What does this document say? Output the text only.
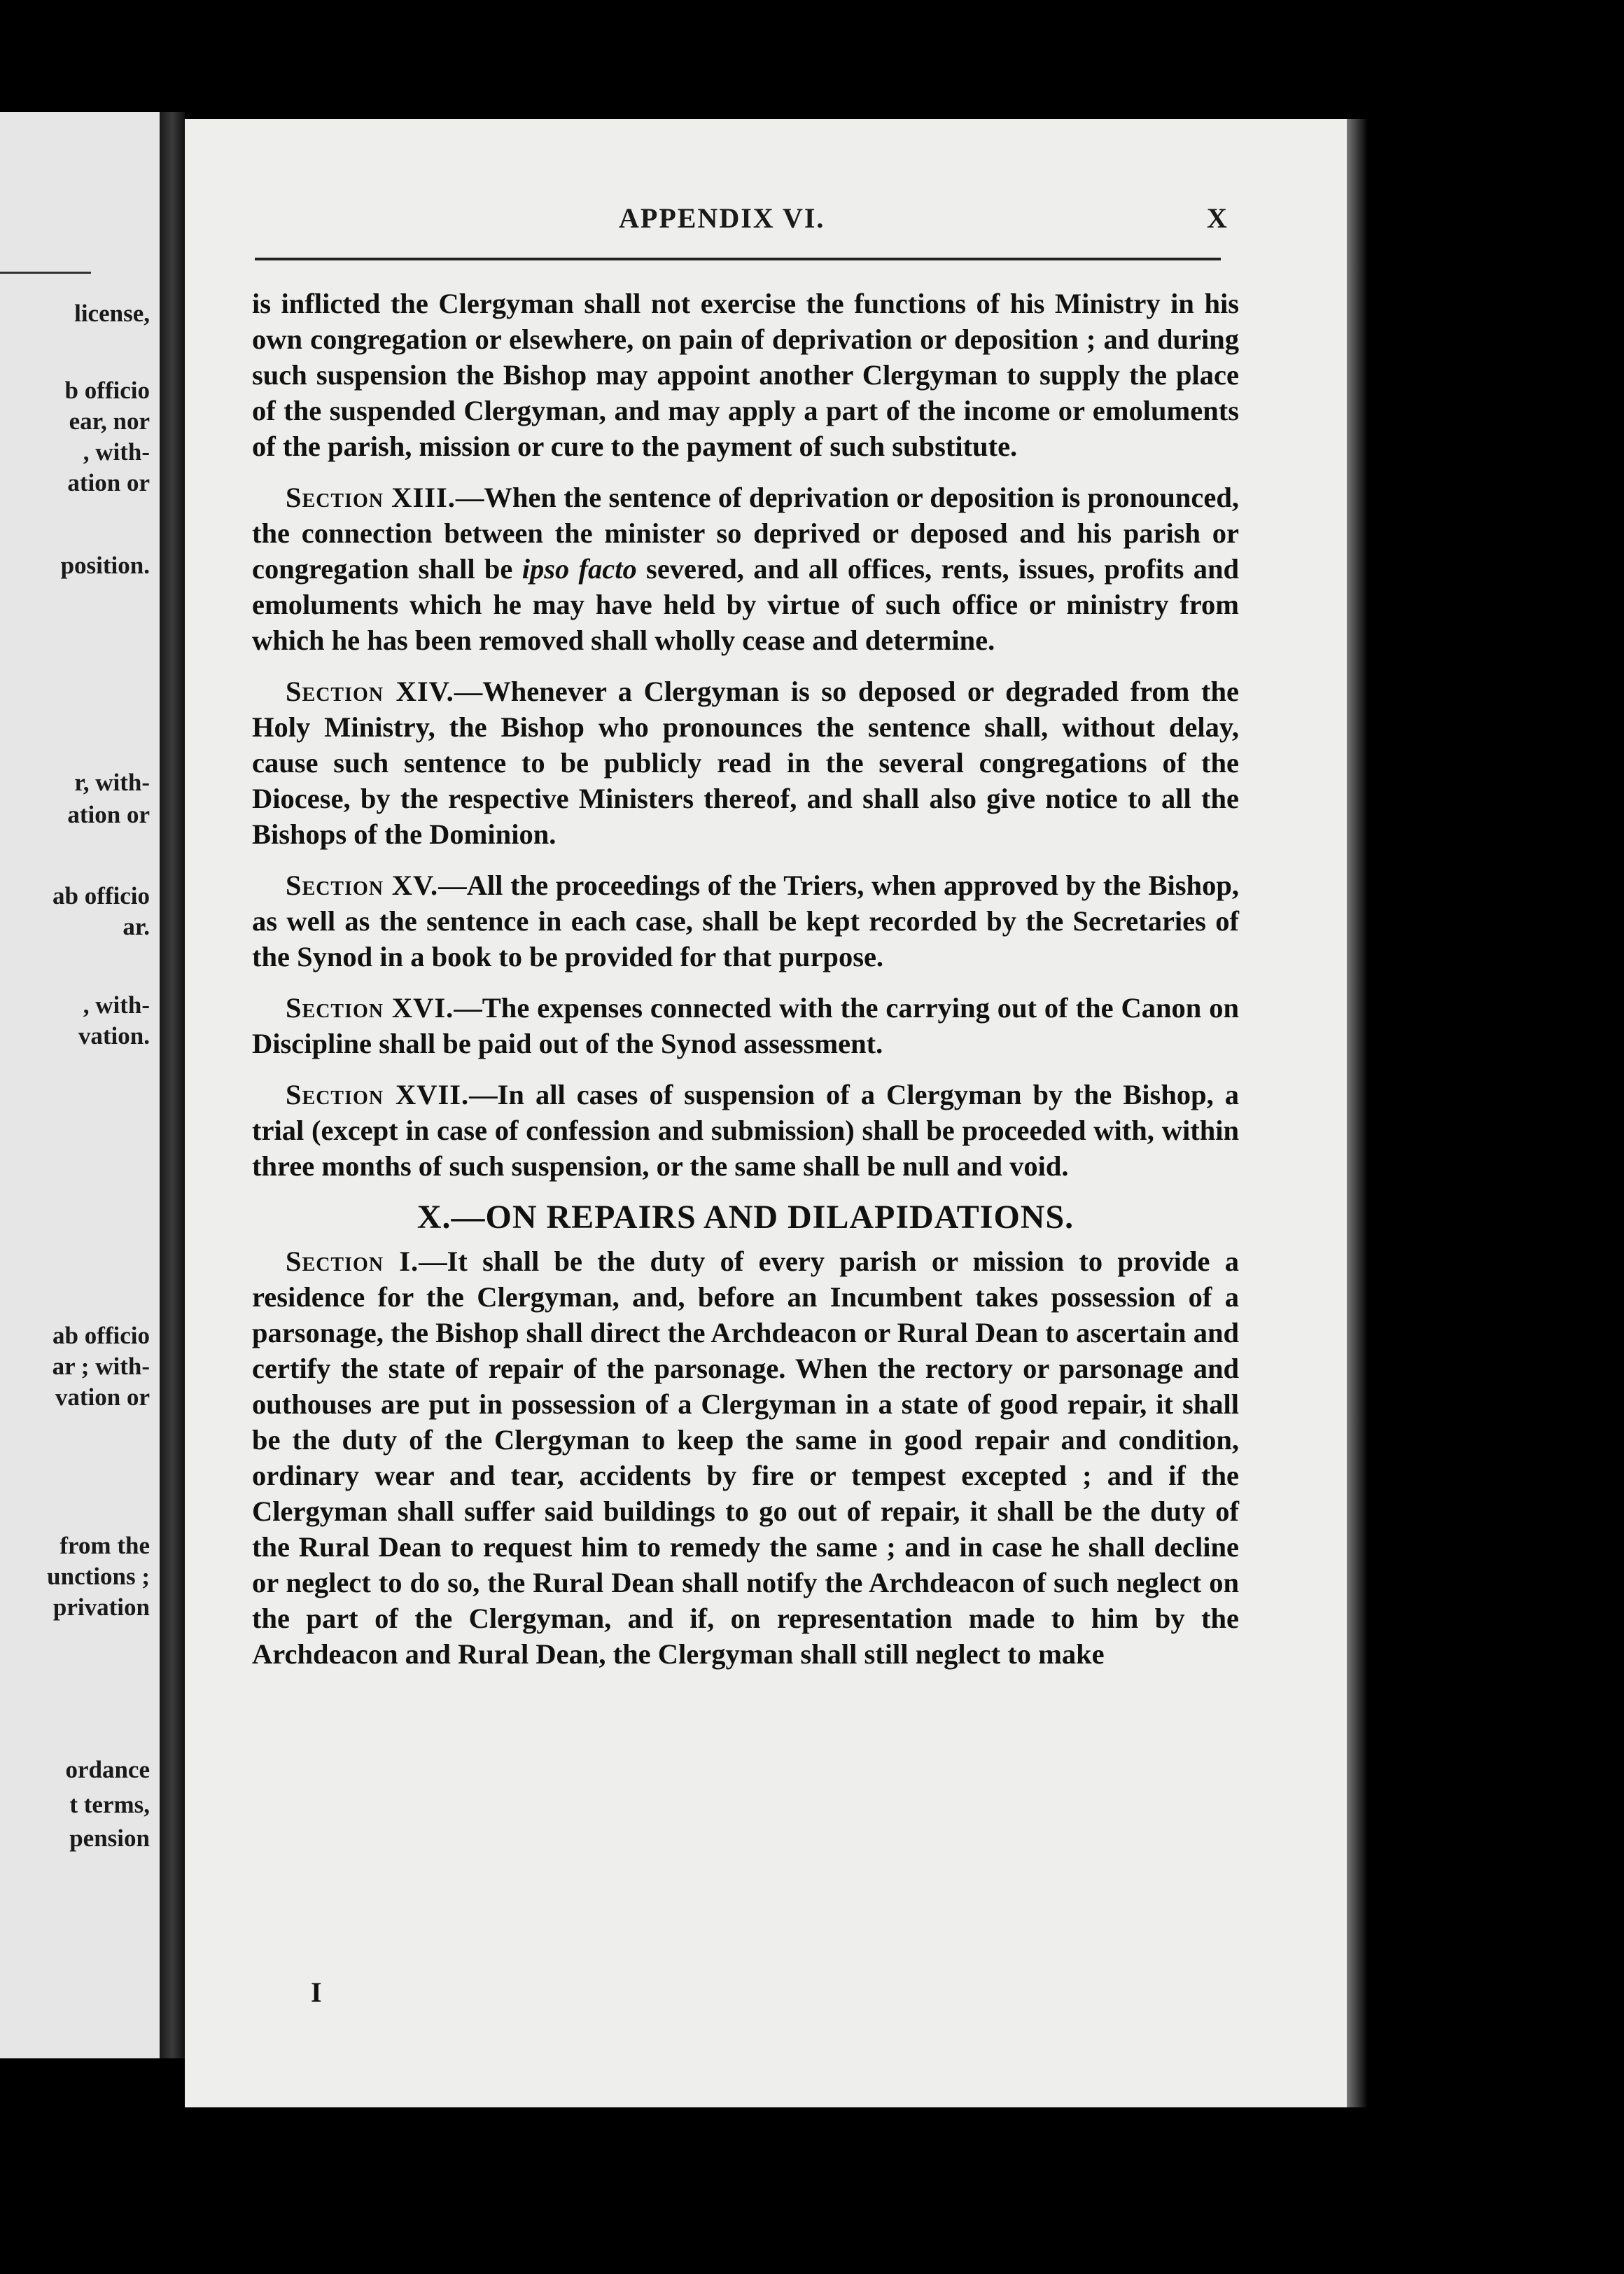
license,
b officio
ear, nor
, with-
ation or
position.
r, with-
ation or
ab officio
ar.
, with-
vation.
ab officio
ar ; with-
vation or
from the
unctions ;
privation
ordance
t terms,
pension
APPENDIX VI.	X

is inflicted the Clergyman shall not exercise the functions of his Ministry in his own congregation or elsewhere, on pain of deprivation or deposition ; and during such suspension the Bishop may appoint another Clergyman to supply the place of the suspended Clergyman, and may apply a part of the income or emoluments of the parish, mission or cure to the payment of such substitute.

Section XIII.—When the sentence of deprivation or deposition is pronounced, the connection between the minister so deprived or deposed and his parish or congregation shall be ipso facto severed, and all offices, rents, issues, profits and emoluments which he may have held by virtue of such office or ministry from which he has been removed shall wholly cease and determine.

Section XIV.—Whenever a Clergyman is so deposed or degraded from the Holy Ministry, the Bishop who pronounces the sentence shall, without delay, cause such sentence to be publicly read in the several congregations of the Diocese, by the respective Ministers thereof, and shall also give notice to all the Bishops of the Dominion.

Section XV.—All the proceedings of the Triers, when approved by the Bishop, as well as the sentence in each case, shall be kept recorded by the Secretaries of the Synod in a book to be provided for that purpose.

Section XVI.—The expenses connected with the carrying out of the Canon on Discipline shall be paid out of the Synod assessment.

Section XVII.—In all cases of suspension of a Clergyman by the Bishop, a trial (except in case of confession and submission) shall be proceeded with, within three months of such suspension, or the same shall be null and void.

X.—ON REPAIRS AND DILAPIDATIONS.

Section I.—It shall be the duty of every parish or mission to provide a residence for the Clergyman, and, before an Incumbent takes possession of a parsonage, the Bishop shall direct the Archdeacon or Rural Dean to ascertain and certify the state of repair of the parsonage. When the rectory or parsonage and outhouses are put in possession of a Clergyman in a state of good repair, it shall be the duty of the Clergyman to keep the same in good repair and condition, ordinary wear and tear, accidents by fire or tempest excepted ; and if the Clergyman shall suffer said buildings to go out of repair, it shall be the duty of the Rural Dean to request him to remedy the same ; and in case he shall decline or neglect to do so, the Rural Dean shall notify the Archdeacon of such neglect on the part of the Clergyman, and if, on representation made to him by the Archdeacon and Rural Dean, the Clergyman shall still neglect to make

I
